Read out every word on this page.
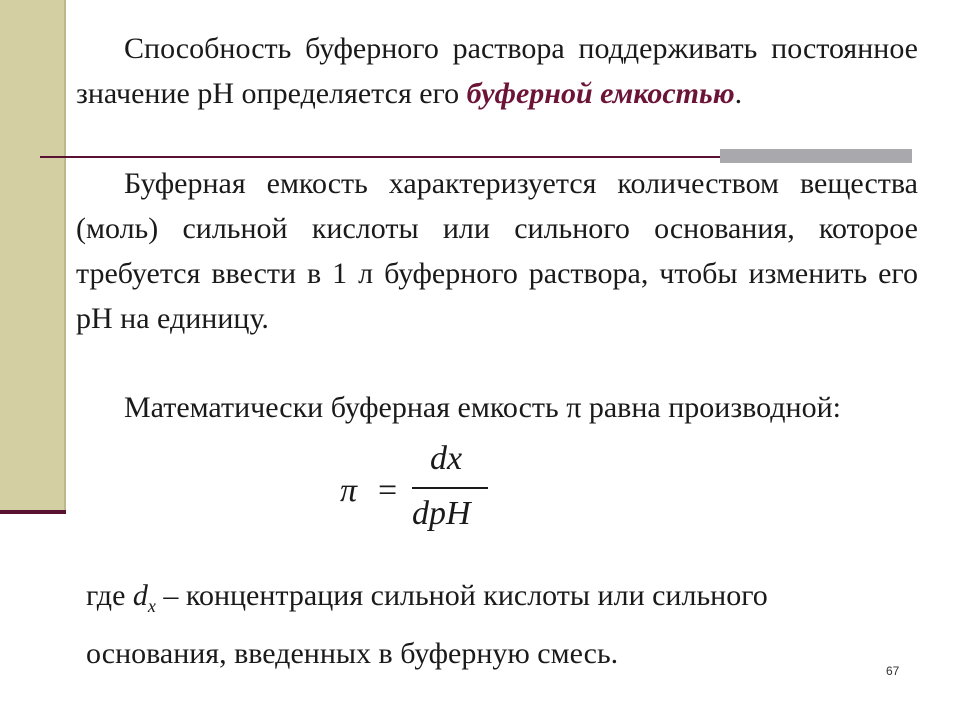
Способность буферного раствора поддерживать постоянное значение рН определяется его буферной емкостью.

Буферная емкость характеризуется количеством вещества (моль) сильной кислоты или сильного основания, которое требуется ввести в 1 л буферного раствора, чтобы изменить его рН на единицу.

Математически буферная емкость π равна производной:

π =
dx
dpH

где $d_x$ – концентрация сильной кислоты или сильного основания, введенных в буферную смесь.

67
